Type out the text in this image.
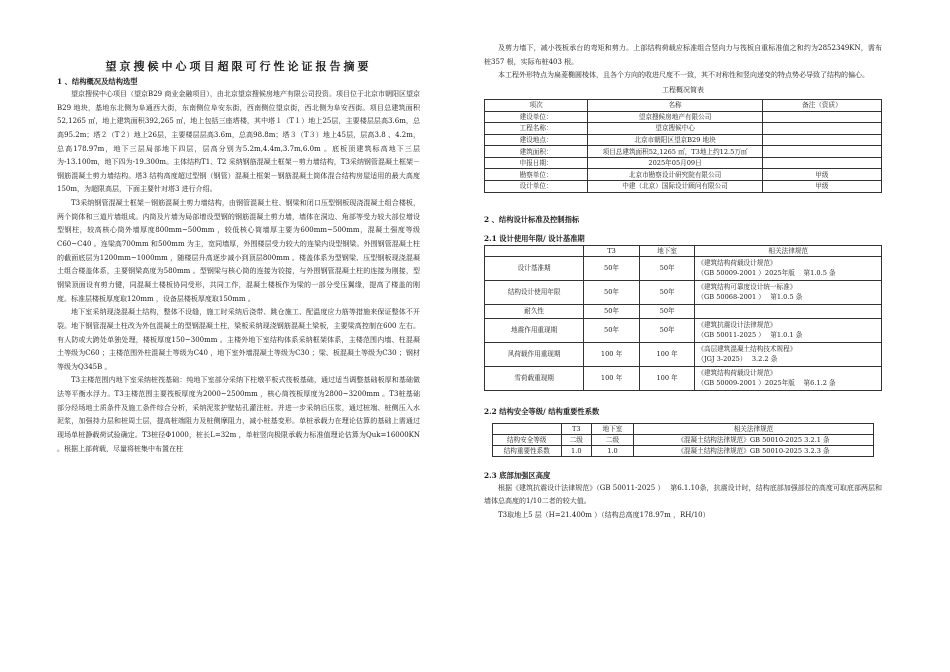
望京搜候中心项目超限可行性论证报告摘要
1 、结构概况及结构选型

望京搜侯中心项目（望京B29 商业金融项目），由北京望京搜候房地产有限公司投资。项目位于北京市朝阳区望京B29 地块，基地东北侧为阜通西大街，东南侧位阜安东街，西南侧位望京街，西北侧为阜安西街。项目总建筑面积52,1265 ㎡，地上建筑面积392,265 ㎡，地上包括三座塔楼，其中塔１（T１）地上25层，主要楼层层高3.6m，总高95.2m；塔２（T２）地上26层，主要楼层层高3.6m，总高98.8m；塔３（T３）地上45层，层高3.8 、4.2m，总高178.97m，地下三层局部地下四层，层高分别为5.2m,4.4m,3.7m,6.0m 。底板顶建筑标高地下三层为-13.100m，地下四为-19.300m。主体结构T1、T2 采纳钢筋混凝土框架－剪力墙结构，T3采纳钢管混凝土框架－ 钢筋混凝土剪力墙结构。塔3 结构高度超过型钢（钢管）混凝土框架－钢筋混凝土筒体混合结构房屋适用的最大高度150m，为超限高层，下面主要针对塔3 进行介绍。

T3采纳钢管混凝土框架－钢筋混凝土剪力墙结构，由钢管混凝土柱、钢梁和闭口压型钢板现浇混凝土组合楼板，两个筒体和三道片墙组成。内筒及片墙为局部增设型钢的钢筋混凝土剪力墙，墙体在洞边、角部等受力较大部位增设型钢柱，较高核心筒外墙厚度800mm~500mm ，较低核心筒墙厚主要为600mm~500mm，混凝土强度等级C60~C40 。连梁高700mm 和500mm 为主，宽同墙厚，外围楼层受力较大的连梁内设型钢梁。外围钢管混凝土柱的截面底层为1200mm~1000mm ，随楼层升高逐步减小到顶层800mm 。楼盖体系为型钢梁、压型钢板现浇混凝土组合楼盖体系，主要钢梁高度为580mm 。型钢梁与核心筒的连接为铰接，与外围钢管混凝土柱的连接为刚接，型钢梁顶面设有剪力键，同混凝土楼板协同受形，共同工作，混凝土楼板作为梁的一部分受压翼缘，提高了楼盖的刚度。标准层楼板厚度取120mm ，设备层楼板厚度取150mm 。

地下室采纳现浇混凝土结构，整体不设缝，施工时采纳后浇带、跳仓施工、配温度应力筋等措施来保证整体不开裂。地下钢管混凝土柱改为外包混凝土的型钢混凝土柱，梁板采纳现浇钢筋混凝土梁板，主要梁高控制在600 左右。有人防或大跨处单独处理，楼板厚度150~300mm 。主楼外地下室结构体系采纳框架体系，主楼范围内墙、柱混凝土等级为C60 ；主楼范围外柱混凝土等级为C40 ，地下室外墙混凝土等级为C30 ；梁、板混凝土等级为C30 ；钢材等级为Q345B 。

T3主楼范围内地下室采纳桩筏基础：纯地下室部分采纳下柱墩平板式筏板基础，通过适当调整基础板厚和基础做法等平衡水浮力。T3主楼范围主要筏板厚度为2000~2500mm ，核心筒筏板厚度为2800~3200mm 。T3桩基础部分经场地土质条件及施工条件综合分析，采纳泥浆护壁钻孔灌注桩。并进一步采纳后压浆，通过桩端、桩侧压入水泥浆，加强持力层和桩周土层，提高桩端阻力及桩侧摩阻力，减小桩基变形。单桩承载力在理论估算的基础上需通过现场单桩静载荷试验确定。T3桩径Φ1000，桩长L=32m ，单桩竖向极限承载力标准值理论估算为Quk=16000KN 。根据上部荷载，尽量将桩集中布置在柱

及剪力墙下，减小筏板承台的弯矩和剪力。上部结构荷载应标准组合竖向力与筏板自重标准值之和约为2852349KN，需布桩357 根，实际布桩403 根。

本工程外形特点为扁菱椭圆棱体，且各个方向的收进尺度不一致，其不对称性和竖向递变的特点势必导致了结构的偏心。

工程概况简表
项次	名称	备注（资质）
建设单位：	望京搜候房地产有限公司	
工程名称：	望京搜候中心	
建设地点：	北京市朝阳区望京B29 地块	
建筑面积：	项目总建筑面积52,1265 ㎡，T3地上约12.5万㎡	
申报日期：	2025年05月09日	
勘察单位：	北京市勘察设计研究院有限公司	甲级
设计单位：	中建（北京）国际设计顾问有限公司	甲级
2 、结构设计标准及控制指标
2.1 设计使用年限/ 设计基准期
	T3	地下室	相关法律规范
设计基准期	50年	50年	《建筑结构荷载设计规范》
（GB 50009-2001 ）2025年版　 第1.0.5 条

结构设计使用年限	50年	50年	《建筑结构可靠度设计统一标准》
（GB 50068-2001 ）　 第1.0.5 条

耐久性	50年	50年	

地震作用重现期	50年	50年	《建筑抗震设计法律规范》
（GB 50011-2025 ）　 第1.0.1 条

风荷载作用重现期	100 年	100 年	《高层建筑混凝土结构技术规程》
（JGJ 3-2025）　 3.2.2 条

雪荷载重现期	100 年	100 年	《建筑结构荷载设计规范》
（GB 50009-2001 ）2025年版　 第6.1.2 条
2.2 结构安全等级/ 结构重要性系数
	T3	地下室	相关法律规范
结构安全等级	二级	二级	《混凝土结构法律规范》GB 50010-2025 3.2.1 条
结构重要性系数	1.0	1.0	《混凝土结构法律规范》GB 50010-2025 3.2.3 条
2.3 底部加强区高度

根据《建筑抗震设计法律规范》（GB 50011-2025 ）　 第6.1.10条，抗震设计时，结构底部加强部位的高度可取底部两层和墙体总高度的1/10二者的较大值。

T3取地上5 层（H=21.400m ）（结构总高度178.97m ，RH/10）
